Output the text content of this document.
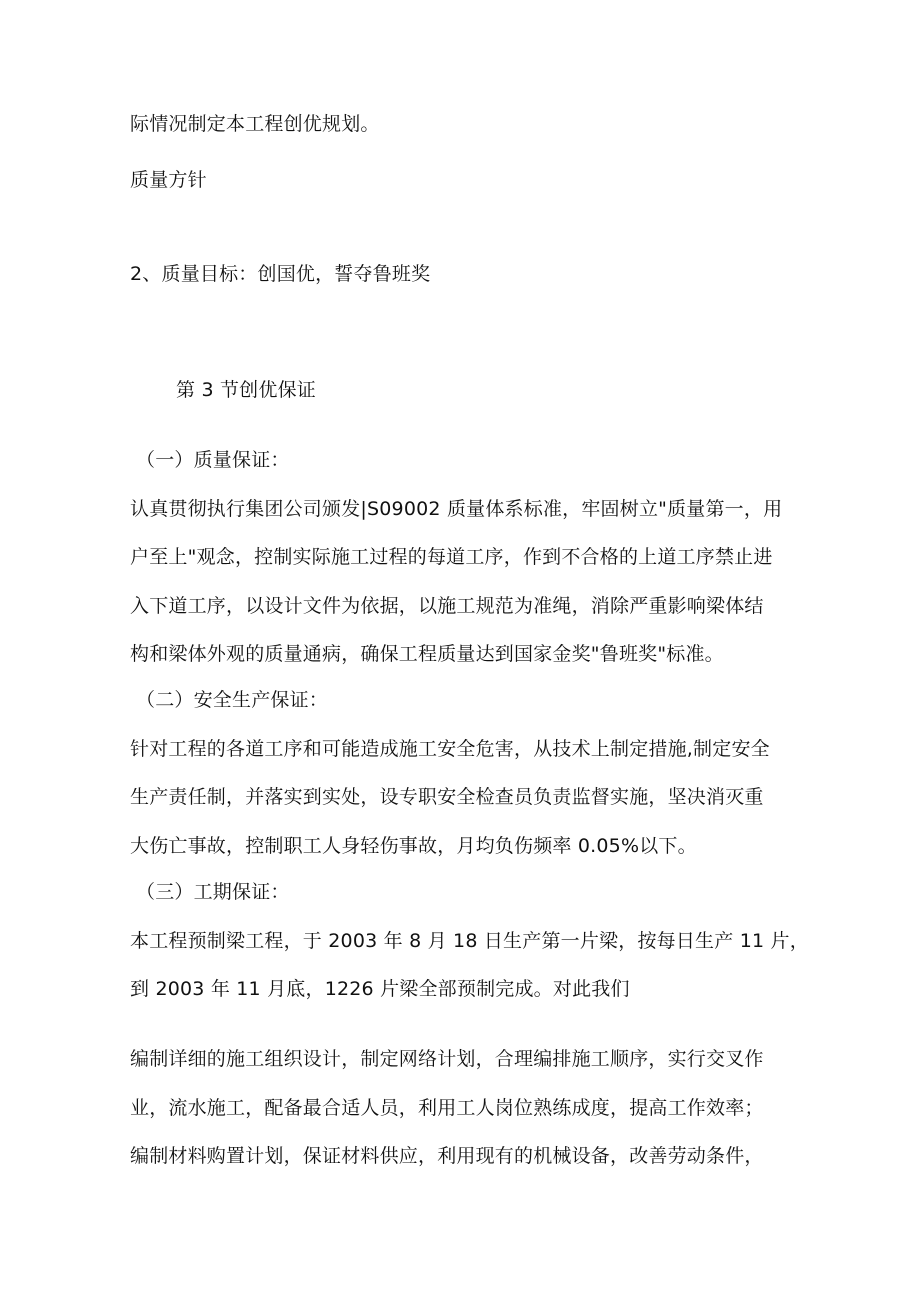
际情况制定本工程创优规划。
质量方针
2、质量目标：创国优，誓夺鲁班奖
第 3 节创优保证
（一）质量保证：
认真贯彻执行集团公司颁发|S09002 质量体系标准，牢固树立"质量第一，用
户至上"观念，控制实际施工过程的每道工序，作到不合格的上道工序禁止进
入下道工序，以设计文件为依据，以施工规范为准绳，消除严重影响梁体结
构和梁体外观的质量通病，确保工程质量达到国家金奖"鲁班奖"标准。
（二）安全生产保证：
针对工程的各道工序和可能造成施工安全危害，从技术上制定措施,制定安全
生产责任制，并落实到实处，设专职安全检查员负责监督实施，坚决消灭重
大伤亡事故，控制职工人身轻伤事故，月均负伤频率 0.05%以下。
（三）工期保证：
本工程预制梁工程，于 2003 年 8 月 18 日生产第一片梁，按每日生产 11 片，
到 2003 年 11 月底，1226 片梁全部预制完成。对此我们
编制详细的施工组织设计，制定网络计划，合理编排施工顺序，实行交叉作
业，流水施工，配备最合适人员，利用工人岗位熟练成度，提高工作效率；
编制材料购置计划，保证材料供应，利用现有的机械设备，改善劳动条件，
